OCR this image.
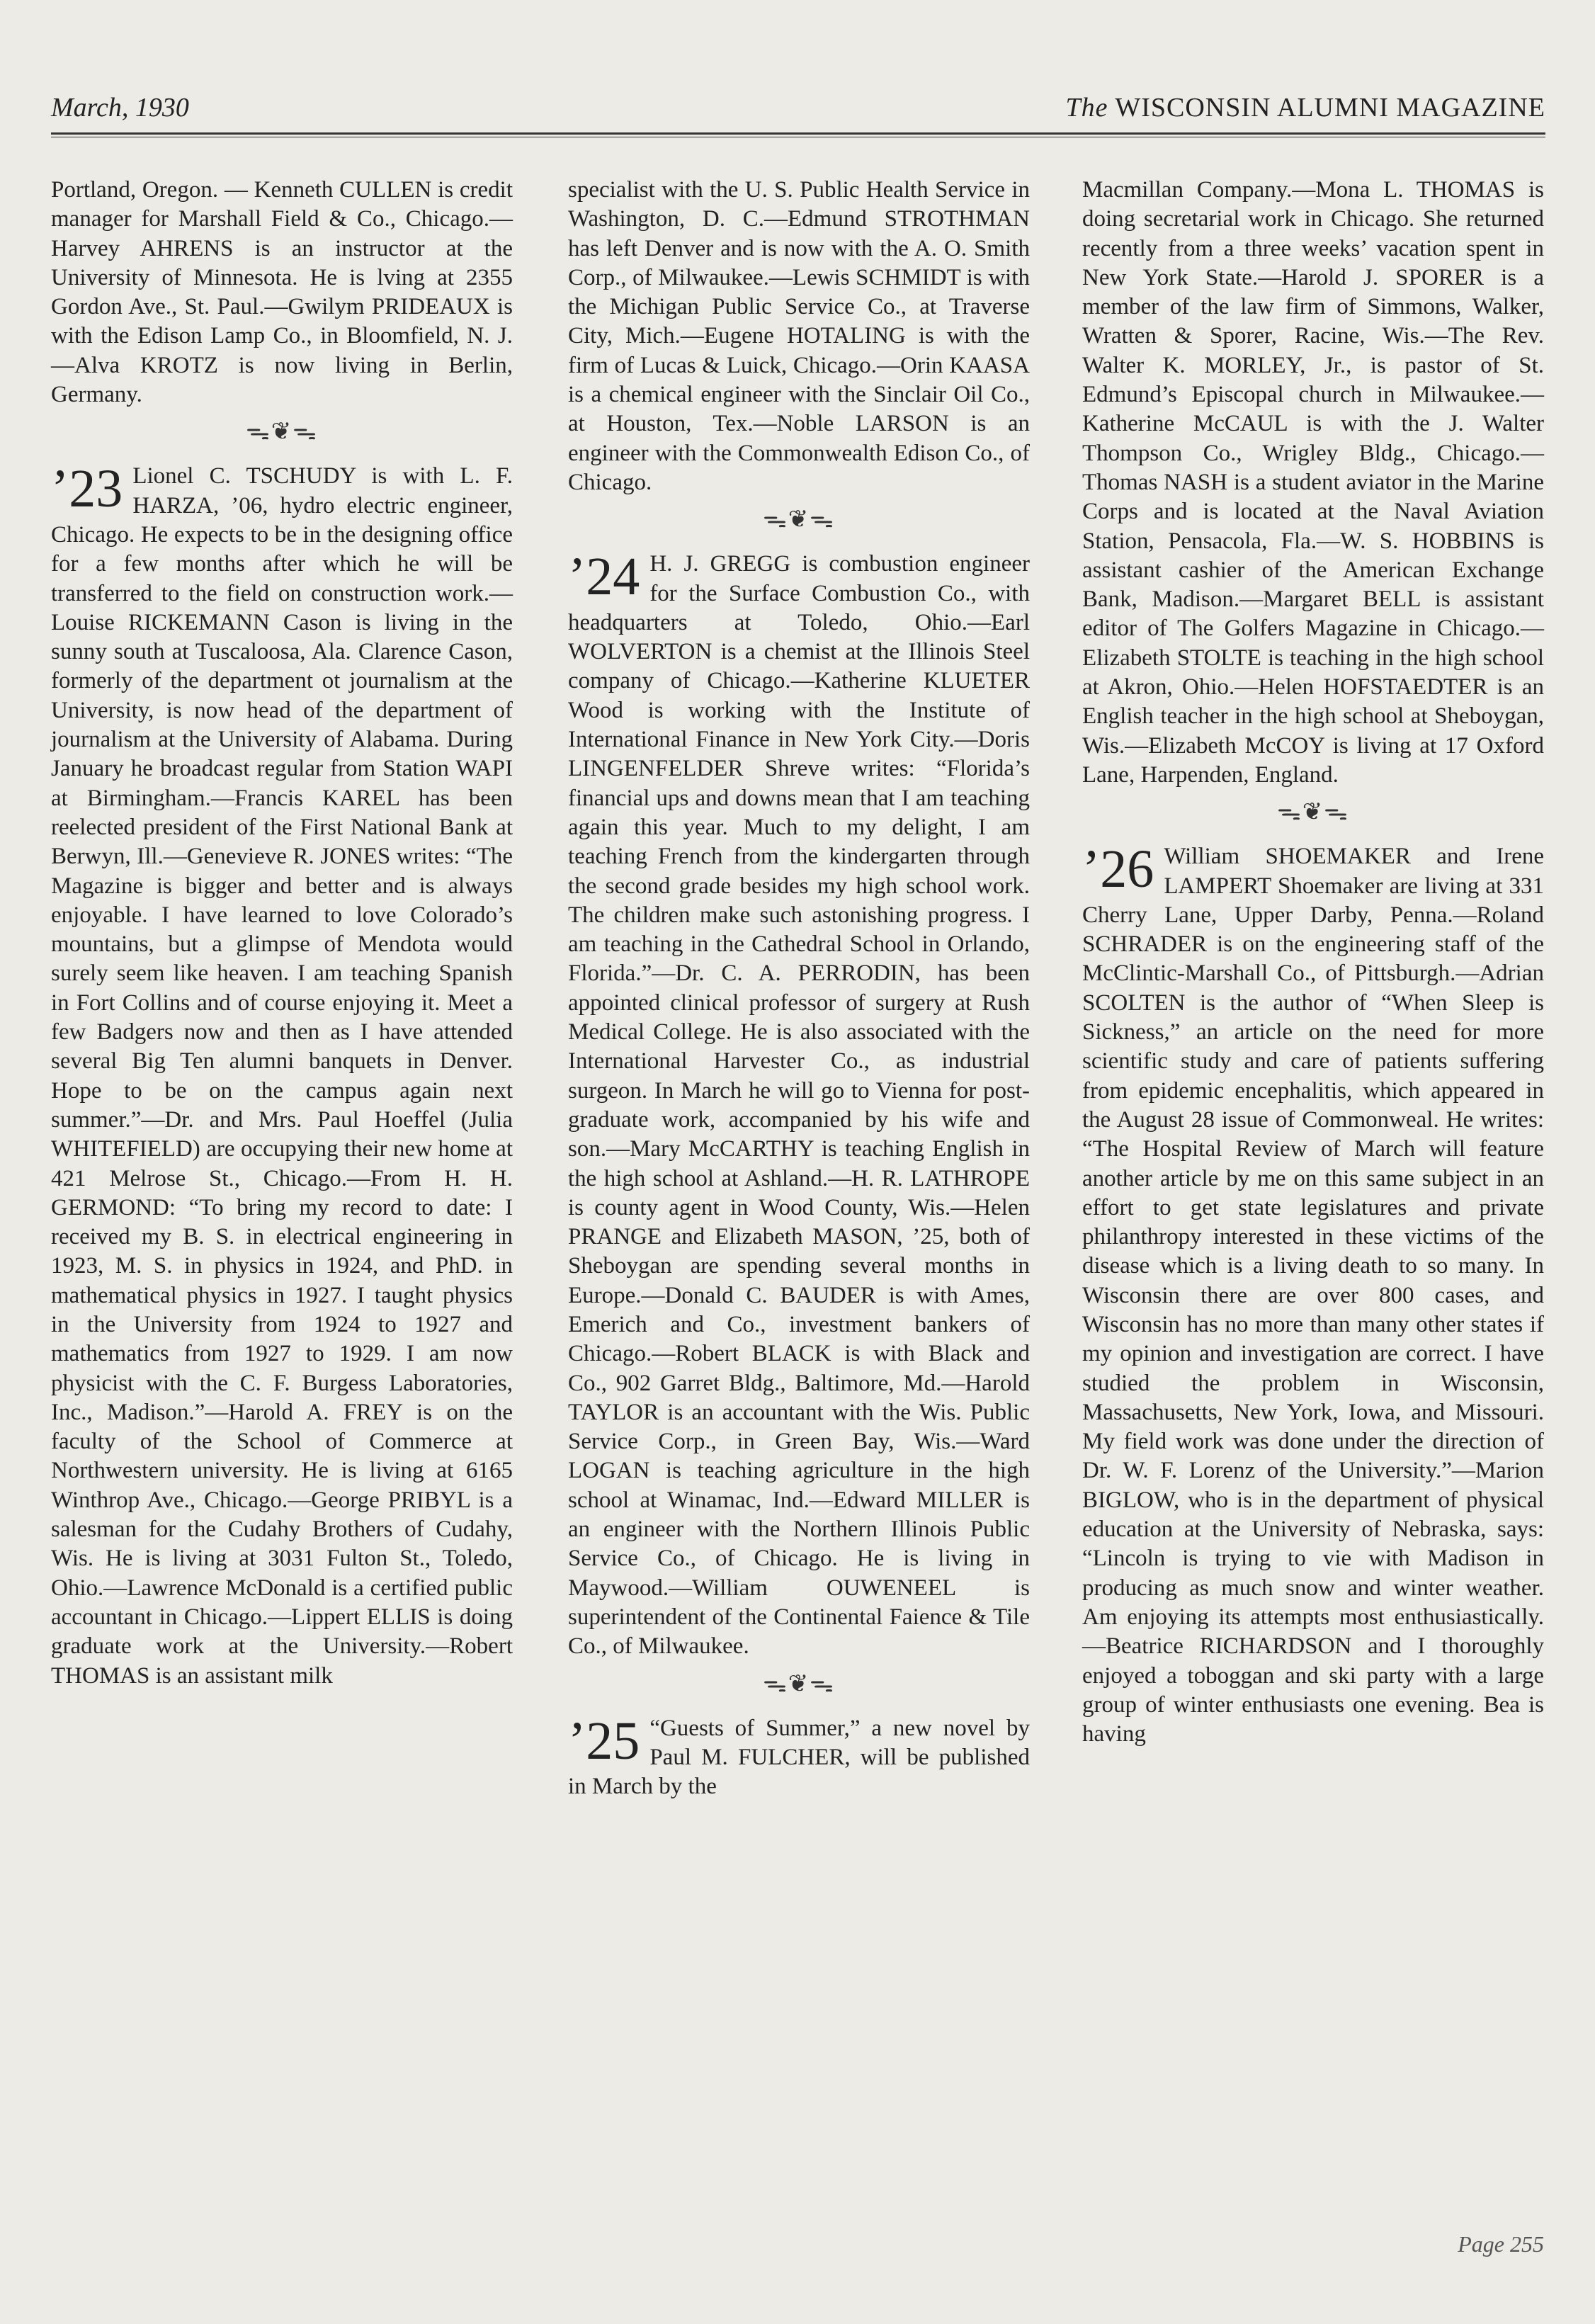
March, 1930	The WISCONSIN ALUMNI MAGAZINE

Portland, Oregon. — Kenneth CULLEN is credit manager for Marshall Field & Co., Chicago.—Harvey AHRENS is an instructor at the University of Minnesota. He is lving at 2355 Gordon Ave., St. Paul.—Gwilym PRIDEAUX is with the Edison Lamp Co., in Bloomfield, N. J.—Alva KROTZ is now living in Berlin, Germany.

ᯓ❦ᯓ

’23 Lionel C. TSCHUDY is with L. F. HARZA, ’06, hydro electric engineer, Chicago. He expects to be in the designing office for a few months after which he will be transferred to the field on construction work.—Louise RICKEMANN Cason is living in the sunny south at Tuscaloosa, Ala. Clarence Cason, formerly of the department ot journalism at the University, is now head of the department of journalism at the University of Alabama. During January he broadcast regular from Station WAPI at Birmingham.—Francis KAREL has been reelected president of the First National Bank at Berwyn, Ill.—Genevieve R. JONES writes: “The Magazine is bigger and better and is always enjoyable. I have learned to love Colorado’s mountains, but a glimpse of Mendota would surely seem like heaven. I am teaching Spanish in Fort Collins and of course enjoying it. Meet a few Badgers now and then as I have attended several Big Ten alumni banquets in Denver. Hope to be on the campus again next summer.”—Dr. and Mrs. Paul Hoeffel (Julia WHITEFIELD) are occupying their new home at 421 Melrose St., Chicago.—From H. H. GERMOND: “To bring my record to date: I received my B. S. in electrical engineering in 1923, M. S. in physics in 1924, and PhD. in mathematical physics in 1927. I taught physics in the University from 1924 to 1927 and mathematics from 1927 to 1929. I am now physicist with the C. F. Burgess Laboratories, Inc., Madison.”—Harold A. FREY is on the faculty of the School of Commerce at Northwestern university. He is living at 6165 Winthrop Ave., Chicago.—George PRIBYL is a salesman for the Cudahy Brothers of Cudahy, Wis. He is living at 3031 Fulton St., Toledo, Ohio.—Lawrence McDonald is a certified public accountant in Chicago.—Lippert ELLIS is doing graduate work at the University.—Robert THOMAS is an assistant milk

specialist with the U. S. Public Health Service in Washington, D. C.—Edmund STROTHMAN has left Denver and is now with the A. O. Smith Corp., of Milwaukee.—Lewis SCHMIDT is with the Michigan Public Service Co., at Traverse City, Mich.—Eugene HOTALING is with the firm of Lucas & Luick, Chicago.—Orin KAASA is a chemical engineer with the Sinclair Oil Co., at Houston, Tex.—Noble LARSON is an engineer with the Commonwealth Edison Co., of Chicago.

ᯓ❦ᯓ

’24 H. J. GREGG is combustion engineer for the Surface Combustion Co., with headquarters at Toledo, Ohio.—Earl WOLVERTON is a chemist at the Illinois Steel company of Chicago.—Katherine KLUETER Wood is working with the Institute of International Finance in New York City.—Doris LINGENFELDER Shreve writes: “Florida’s financial ups and downs mean that I am teaching again this year. Much to my delight, I am teaching French from the kindergarten through the second grade besides my high school work. The children make such astonishing progress. I am teaching in the Cathedral School in Orlando, Florida.”—Dr. C. A. PERRODIN, has been appointed clinical professor of surgery at Rush Medical College. He is also associated with the International Harvester Co., as industrial surgeon. In March he will go to Vienna for post-graduate work, accompanied by his wife and son.—Mary McCARTHY is teaching English in the high school at Ashland.—H. R. LATHROPE is county agent in Wood County, Wis.—Helen PRANGE and Elizabeth MASON, ’25, both of Sheboygan are spending several months in Europe.—Donald C. BAUDER is with Ames, Emerich and Co., investment bankers of Chicago.—Robert BLACK is with Black and Co., 902 Garret Bldg., Baltimore, Md.—Harold TAYLOR is an accountant with the Wis. Public Service Corp., in Green Bay, Wis.—Ward LOGAN is teaching agriculture in the high school at Winamac, Ind.—Edward MILLER is an engineer with the Northern Illinois Public Service Co., of Chicago. He is living in Maywood.—William OUWENEEL is superintendent of the Continental Faience & Tile Co., of Milwaukee.

ᯓ❦ᯓ

’25 “Guests of Summer,” a new novel by Paul M. FULCHER, will be published in March by the

Macmillan Company.—Mona L. THOMAS is doing secretarial work in Chicago. She returned recently from a three weeks’ vacation spent in New York State.—Harold J. SPORER is a member of the law firm of Simmons, Walker, Wratten & Sporer, Racine, Wis.—The Rev. Walter K. MORLEY, Jr., is pastor of St. Edmund’s Episcopal church in Milwaukee.—Katherine McCAUL is with the J. Walter Thompson Co., Wrigley Bldg., Chicago.—Thomas NASH is a student aviator in the Marine Corps and is located at the Naval Aviation Station, Pensacola, Fla.—W. S. HOBBINS is assistant cashier of the American Exchange Bank, Madison.—Margaret BELL is assistant editor of The Golfers Magazine in Chicago.—Elizabeth STOLTE is teaching in the high school at Akron, Ohio.—Helen HOFSTAEDTER is an English teacher in the high school at Sheboygan, Wis.—Elizabeth McCOY is living at 17 Oxford Lane, Harpenden, England.

ᯓ❦ᯓ

’26 William SHOEMAKER and Irene LAMPERT Shoemaker are living at 331 Cherry Lane, Upper Darby, Penna.—Roland SCHRADER is on the engineering staff of the McClintic-Marshall Co., of Pittsburgh.—Adrian SCOLTEN is the author of “When Sleep is Sickness,” an article on the need for more scientific study and care of patients suffering from epidemic encephalitis, which appeared in the August 28 issue of Commonweal. He writes: “The Hospital Review of March will feature another article by me on this same subject in an effort to get state legislatures and private philanthropy interested in these victims of the disease which is a living death to so many. In Wisconsin there are over 800 cases, and Wisconsin has no more than many other states if my opinion and investigation are correct. I have studied the problem in Wisconsin, Massachusetts, New York, Iowa, and Missouri. My field work was done under the direction of Dr. W. F. Lorenz of the University.”—Marion BIGLOW, who is in the department of physical education at the University of Nebraska, says: “Lincoln is trying to vie with Madison in producing as much snow and winter weather. Am enjoying its attempts most enthusiastically.—Beatrice RICHARDSON and I thoroughly enjoyed a toboggan and ski party with a large group of winter enthusiasts one evening. Bea is having

Page 255
